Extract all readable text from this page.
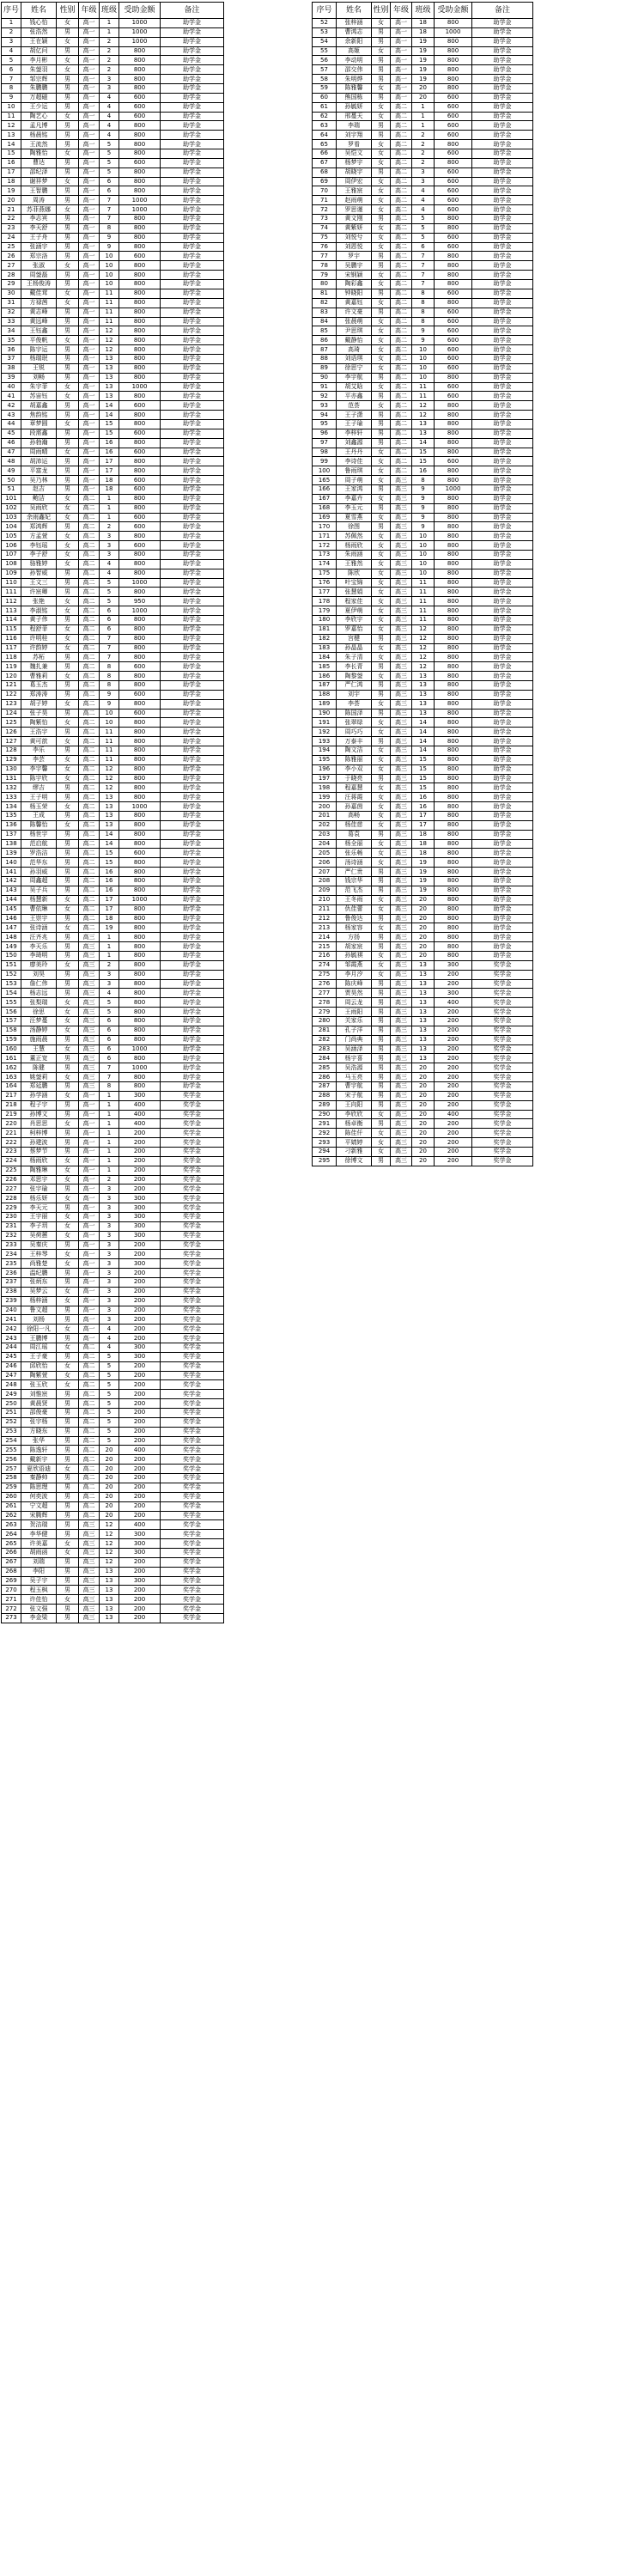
序号	姓名	性别	年级	班级	受助金额	备注
1	钱心怡	女	高一	1	1000	助学金
2	张浩然	男	高一	1	1000	助学金
3	王在颖	女	高一	2	1000	助学金
4	胡亿问	男	高一	2	800	助学金
5	李月彬	女	高一	2	800	助学金
6	朱蓥羽	女	高一	2	800	助学金
7	邹宗辉	男	高一	3	800	助学金
8	朱鹏鹏	男	高一	3	800	助学金
9	万超磁	男	高一	4	600	助学金
10	王少运	男	高一	4	600	助学金
11	陶艺心	女	高一	4	600	助学金
12	孟凡博	男	高一	4	800	助学金
13	杨晨铭	男	高一	4	800	助学金
14	王流然	男	高一	5	800	助学金
15	陶雅怡	女	高一	5	800	助学金
16	曹达	男	高一	5	600	助学金
17	邵纪泽	男	高一	5	800	助学金
18	谢祥梦	女	高一	6	800	助学金
19	王智鹏	男	高一	6	800	助学金
20	周涛	男	高一	7	1000	助学金
21	苏菲燕娜	女	高一	7	1000	助学金
22	李志宾	男	高一	7	800	助学金
23	李天舒	男	高一	8	800	助学金
24	王子舟	男	高一	9	800	助学金
25	张涵宇	男	高一	9	800	助学金
26	郑宗洛	男	高一	10	600	助学金
27	张淑	女	高一	10	800	助学金
28	周蓥磊	男	高一	10	800	助学金
29	王杨俊涛	男	高一	10	800	助学金
30	戴佳茸	女	高一	11	800	助学金
31	方禄茜	女	高一	11	800	助学金
32	黄志峰	男	高一	11	800	助学金
33	黄远峰	男	高一	11	800	助学金
34	王钰鑫	男	高一	12	800	助学金
35	平俊帆	女	高一	12	800	助学金
36	陈宇运	男	高一	12	800	助学金
37	杨瑞珉	男	高一	13	800	助学金
38	王锐	男	高一	13	800	助学金
39	刘畅	男	高一	13	800	助学金
40	朱宇菲	女	高一	13	1000	助学金
41	苏宙钰	女	高一	13	800	助学金
42	胡嘉鑫	男	高一	14	600	助学金
43	焦韵铭	男	高一	14	800	助学金
44	章梦圆	女	高一	15	800	助学金
45	段需鑫	男	高一	15	600	助学金
46	孙勃瀚	男	高一	16	800	助学金
47	周雨晴	女	高一	16	600	助学金
48	胡沛运	男	高一	17	800	助学金
49	平富龙	男	高一	17	800	助学金
50	吴乃林	男	高一	18	600	助学金
51	赵吉	男	高一	18	600	助学金
101	鲍洁	女	高二	1	800	助学金
102	吴雨欣	女	高二	1	800	助学金
103	余雨鑫妃	女	高二	1	600	助学金
104	郑鸿辉	男	高二	2	600	助学金
105	方孟萱	女	高二	3	800	助学金
106	李钰瑶	女	高二	3	600	助学金
107	李子舒	女	高二	3	800	助学金
108	骆雅婷	女	高二	4	800	助学金
109	孙智威	男	高二	4	800	助学金
110	王文三	男	高二	5	1000	助学金
111	许宸卿	男	高二	5	800	助学金
112	张艳	女	高二	5	950	助学金
113	李淑铭	女	高二	6	1000	助学金
114	黄子伟	男	高二	6	800	助学金
115	程舒菲	女	高二	6	800	助学金
116	许明桂	女	高二	7	800	助学金
117	许韵婷	女	高二	7	800	助学金
118	苏柘	男	高二	7	800	助学金
119	魏扎兼	男	高二	8	600	助学金
120	曹雅莉	女	高二	8	800	助学金
121	葛玉杰	男	高二	8	800	助学金
122	郑涛涛	男	高二	9	600	助学金
123	胡子婷	女	高二	9	800	助学金
124	张子昊	男	高二	10	600	助学金
125	陶紫怡	女	高二	10	800	助学金
126	王浩宇	男	高二	11	800	助学金
127	黄可歆	女	高二	11	800	助学金
128	李乐	男	高二	11	800	助学金
129	李芸	女	高二	11	800	助学金
130	李宇馨	女	高二	12	800	助学金
131	陈宇欣	女	高二	12	800	助学金
132	缪吉	男	高二	12	800	助学金
133	王子明	男	高二	13	800	助学金
134	杨玉荣	女	高二	13	1000	助学金
135	王成	男	高二	13	800	助学金
136	陈馨怡	女	高二	13	800	助学金
137	杨世宇	男	高二	14	800	助学金
138	范启航	男	高二	14	800	助学金
139	罗浩洁	男	高二	15	600	助学金
140	范华东	男	高二	15	800	助学金
141	孙羽威	男	高二	16	800	助学金
142	周鑫超	男	高二	16	800	助学金
143	吴子兵	男	高二	16	800	助学金
144	杨慧新	女	高二	17	1000	助学金
145	曹依琳	女	高二	17	800	助学金
146	王崇宇	男	高二	18	800	助学金
147	张诗涵	女	高二	19	800	助学金
148	汪齐兆	男	高三	1	800	助学金
149	李天乐	男	高三	1	800	助学金
150	李琦明	男	高三	1	800	助学金
151	廖美玲	女	高三	2	800	助学金
152	刘昊	男	高三	3	800	助学金
153	詹仁伟	男	高三	3	800	助学金
154	杨志远	男	高三	4	800	助学金
155	张梨瑞	女	高三	5	800	助学金
156	徐思	女	高三	5	800	助学金
157	汪梦蔓	女	高三	6	800	助学金
158	汤静婷	女	高三	6	800	助学金
159	施雨晨	男	高三	6	800	助学金
160	王慧	女	高三	6	1000	助学金
161	董正宽	男	高三	6	800	助学金
162	陈健	男	高三	7	1000	助学金
163	姚蓥莉	女	高三	7	800	助学金
164	郑延鹏	男	高三	8	800	助学金
217	孙学涵	女	高一	1	300	奖学金
218	程子宇	男	高一	1	400	奖学金
219	孙博文	男	高一	1	400	奖学金
220	肖思思	女	高一	1	400	奖学金
221	柯梓博	男	高一	1	200	奖学金
222	孙建波	男	高一	1	200	奖学金
223	蔡梦节	男	高一	1	200	奖学金
224	杨雨欣	女	高一	1	200	奖学金
225	陶雅琳	女	高一	1	200	奖学金
226	邓思宇	女	高一	2	200	奖学金
227	张宇瑜	男	高一	3	200	奖学金
228	杨乐妍	女	高一	3	300	奖学金
229	李天元	男	高一	3	300	奖学金
230	王宇丽	女	高一	3	300	奖学金
231	李子玥	女	高一	3	300	奖学金
232	吴荷蕙	女	高一	3	300	奖学金
233	吴秦庆	男	高一	3	200	奖学金
234	王梓琴	女	高一	3	200	奖学金
235	尚雅楚	女	高一	3	300	奖学金
236	温纪鹏	男	高一	3	200	奖学金
237	张炳东	男	高一	3	200	奖学金
238	吴梦云	女	高一	3	200	奖学金
239	杨梓涵	女	高一	3	200	奖学金
240	鲁文超	男	高一	3	200	奖学金
241	刘杨	男	高一	3	200	奖学金
242	徐阳一凡	女	高一	4	200	奖学金
243	王鹏博	男	高一	4	200	奖学金
244	周江瑶	女	高二	4	300	奖学金
245	王子豪	男	高二	5	300	奖学金
246	邱欣怡	女	高二	5	200	奖学金
247	陶紫萱	女	高二	5	200	奖学金
248	张玉欣	女	高二	5	200	奖学金
249	刘惟宸	男	高二	5	200	奖学金
250	黄晨贤	男	高二	5	200	奖学金
251	邵俊豪	男	高二	5	200	奖学金
252	张宇杨	男	高二	5	200	奖学金
253	方晓东	男	高二	5	200	奖学金
254	张华	男	高二	5	200	奖学金
255	陈逸轩	男	高二	20	400	奖学金
256	戴新宇	男	高二	20	200	奖学金
257	夏欣语迪	女	高二	20	200	奖学金
258	秦静帅	男	高二	20	200	奖学金
259	陈思理	男	高二	20	200	奖学金
260	何奕波	男	高二	20	200	奖学金
261	宁文超	男	高二	20	200	奖学金
262	宋腾辉	男	高二	20	200	奖学金
263	贺洁瑞	男	高三	12	400	奖学金
264	李华健	男	高三	12	300	奖学金
265	许美嘉	女	高三	12	300	奖学金
266	胡雨函	女	高三	12	300	奖学金
267	刘瑞	男	高三	12	200	奖学金
268	李阳	男	高三	13	200	奖学金
269	吴子宇	男	高三	13	300	奖学金
270	程玉枫	男	高三	13	200	奖学金
271	许佳怡	女	高三	13	200	奖学金
272	张文强	男	高三	13	200	奖学金
273	李金梁	男	高三	13	200	奖学金
序号	姓名	性别	年级	班级	受助金额	备注
52	张梓涵	女	高一	18	800	助学金
53	曹鸿志	男	高一	18	1000	助学金
54	余新阳	男	高一	19	800	助学金
55	高姬	女	高一	19	800	助学金
56	李动明	男	高一	19	800	助学金
57	邵交伟	男	高一	19	800	助学金
58	朱明烨	男	高一	19	800	助学金
59	陈雅馨	女	高一	20	800	助学金
60	熊国栋	男	高一	20	600	助学金
61	孙毓妍	女	高二	1	600	助学金
62	邢蔓天	女	高二	1	600	助学金
63	李瑞	男	高二	1	600	助学金
64	刘宇翔	男	高二	2	600	助学金
65	罗看	女	高二	2	800	助学金
66	吴恺文	女	高二	2	600	助学金
67	杨梦宇	女	高二	2	800	助学金
68	胡晓宇	男	高二	3	600	助学金
69	周伊宏	女	高二	3	600	助学金
70	王雅宸	女	高二	4	600	助学金
71	赵雨萌	女	高二	4	600	助学金
72	罗思谨	女	高二	4	600	助学金
73	黄文刚	男	高二	5	800	助学金
74	黄紫妍	女	高二	5	800	助学金
75	刘悦兮	女	高二	5	600	助学金
76	刘恩悦	女	高二	6	600	助学金
77	罗宇	男	高二	7	800	助学金
78	吴鹏宇	男	高二	7	800	助学金
79	宋钢颖	女	高二	7	800	助学金
80	陶彩鑫	女	高二	7	800	助学金
81	钟晓阳	男	高二	8	600	助学金
82	黄嘉钰	女	高二	8	800	助学金
83	许文豪	男	高二	8	600	助学金
84	张晨萌	女	高二	8	600	助学金
85	尹思琪	女	高二	9	600	助学金
86	戴静怡	女	高二	9	600	助学金
87	高琦	女	高二	10	600	助学金
88	刘语琪	女	高二	10	600	助学金
89	徐思宁	女	高二	10	600	助学金
90	李宇航	男	高二	10	800	助学金
91	胡艾晗	女	高二	11	600	助学金
92	平亦鑫	男	高二	11	600	助学金
93	范荟	女	高二	12	800	助学金
94	王子潇	男	高二	12	800	助学金
95	王子瑜	男	高二	13	800	助学金
96	李梓轩	男	高二	13	800	助学金
97	刘鑫源	男	高二	14	800	助学金
98	王丹丹	女	高二	15	800	助学金
99	李诗佳	女	高二	15	600	助学金
100	鲁雨琪	女	高二	16	800	助学金
165	周子萌	女	高三	8	800	助学金
166	王家鸿	男	高三	9	1000	助学金
167	李嘉卉	女	高三	9	800	助学金
168	李玉元	男	高三	9	800	助学金
169	夏雪燕	女	高三	9	800	助学金
170	徐图	男	高三	9	800	助学金
171	苏佩然	女	高三	10	800	助学金
172	杨雨欣	女	高三	10	800	助学金
173	朱雨涵	女	高三	10	800	助学金
174	王雅然	女	高三	10	800	助学金
175	陈欣	女	高三	10	800	助学金
176	叶宝锦	女	高三	11	800	助学金
177	张慧娟	女	高三	11	800	助学金
178	程家佳	女	高三	11	800	助学金
179	夏伊萌	女	高三	11	800	助学金
180	李欣宇	女	高三	11	800	助学金
181	罗嘉怡	女	高三	12	800	助学金
182	宫楗	男	高三	12	800	助学金
183	孙晶晶	女	高三	12	800	助学金
184	朱子清	女	高三	12	800	助学金
185	李长青	男	高三	12	800	助学金
186	陶黎蓥	女	高三	13	800	助学金
187	严仁鸿	男	高三	13	800	助学金
188	刘宇	男	高三	13	800	助学金
189	李荟	女	高三	13	800	助学金
190	陈国泽	男	高三	13	800	助学金
191	张翠绿	女	高三	14	800	助学金
192	周巧巧	女	高三	14	800	助学金
193	万泰丰	男	高三	14	800	助学金
194	陶文洁	女	高三	14	800	助学金
195	陈雅丽	女	高三	15	800	助学金
196	李小双	女	高三	15	800	助学金
197	于晓亮	男	高三	15	800	助学金
198	程嘉慧	女	高三	15	800	助学金
199	汪蒋霞	女	高三	16	800	助学金
200	孙嘉茵	女	高三	16	800	助学金
201	高畅	女	高三	17	800	助学金
202	杨佳慈	女	高三	17	800	助学金
203	葛袁	男	高三	18	800	助学金
204	杨全丽	女	高三	18	800	助学金
205	张乐畅	女	高三	18	800	助学金
206	汤诗涵	女	高三	19	800	助学金
207	严仁贵	男	高三	19	800	助学金
208	钱宗华	男	高三	19	800	助学金
209	范飞杰	男	高三	19	800	助学金
210	王冬雨	女	高三	20	800	助学金
211	仇佳蕾	女	高三	20	800	助学金
212	鲁俊达	男	高三	20	800	助学金
213	杨家容	女	高三	20	800	助学金
214	方扬	男	高三	20	800	助学金
215	胡家宸	男	高三	20	800	助学金
216	孙毓祺	女	高三	20	800	助学金
274	邹霞燕	女	高三	13	300	奖学金
275	李月汐	女	高三	13	200	奖学金
276	陈庆峰	男	高三	13	200	奖学金
277	贾昊然	男	高三	13	300	奖学金
278	周云龙	男	高三	13	400	奖学金
279	王雨阳	男	高三	13	200	奖学金
280	关家乐	男	高三	13	200	奖学金
281	孔子洋	男	高三	13	200	奖学金
282	门尚典	男	高三	13	200	奖学金
283	吴涵泽	男	高三	13	200	奖学金
284	杨宇喜	男	高三	13	200	奖学金
285	吴浩源	男	高三	20	200	奖学金
286	马玉亮	男	高三	20	200	奖学金
287	曹宇航	男	高三	20	200	奖学金
288	宋子航	男	高三	20	200	奖学金
289	王向阳	男	高三	20	200	奖学金
290	李欣欣	女	高三	20	400	奖学金
291	杨卓衡	男	高三	20	200	奖学金
292	陈佳仟	女	高三	20	200	奖学金
293	平婧婷	女	高三	20	200	奖学金
294	刁新雅	女	高三	20	200	奖学金
295	徐博文	男	高三	20	200	奖学金
